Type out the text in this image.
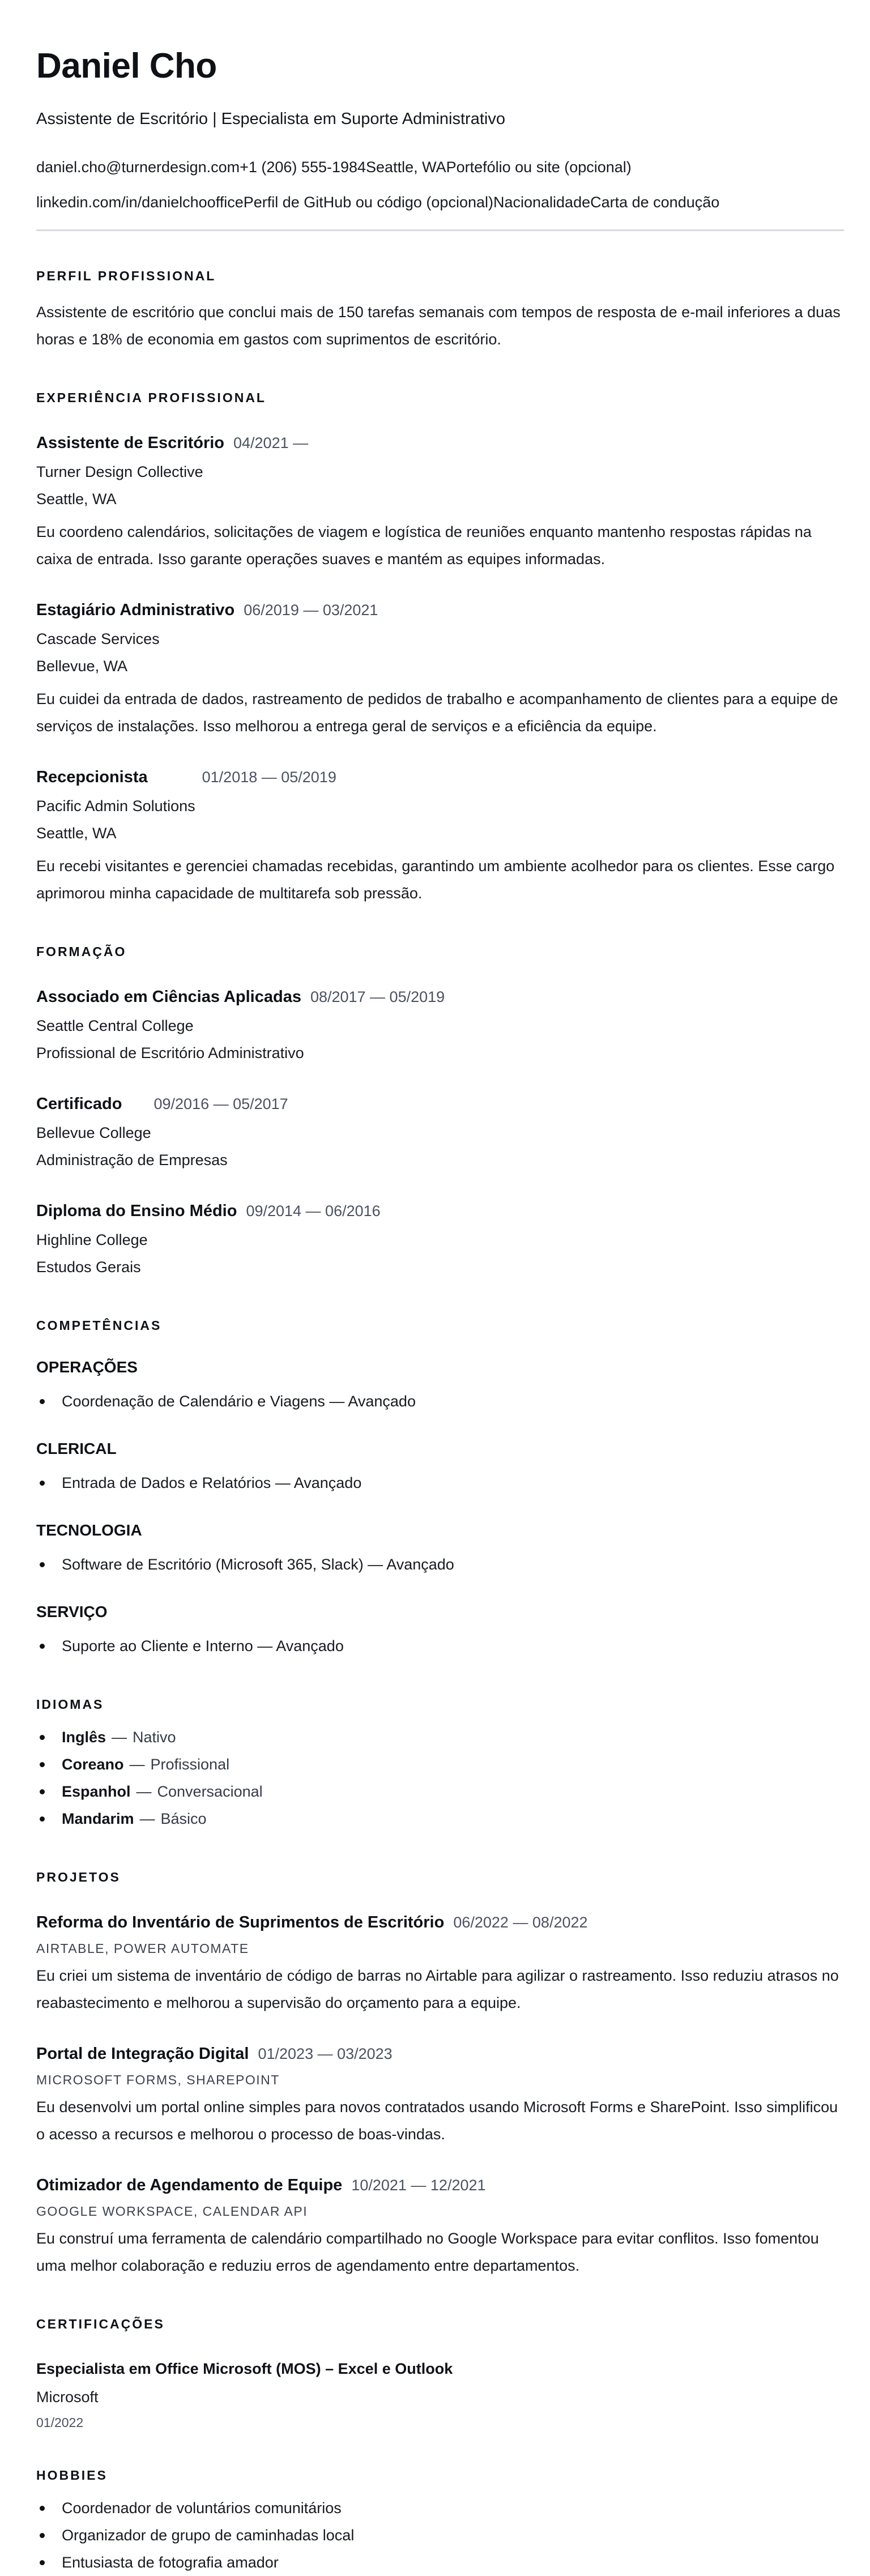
Daniel Cho
Assistente de Escritório | Especialista em Suporte Administrativo
daniel.cho@turnerdesign.com+1 (206) 555-1984Seattle, WAPortefólio ou site (opcional)
linkedin.com/in/danielchoofficePerfil de GitHub ou código (opcional)NacionalidadeCarta de condução
PERFIL PROFISSIONAL

Assistente de escritório que conclui mais de 150 tarefas semanais com tempos de resposta de e-mail inferiores a duas horas e 18% de economia em gastos com suprimentos de escritório.

EXPERIÊNCIA PROFISSIONAL
Assistente de Escritório 04/2021 —
Turner Design Collective
Seattle, WA

Eu coordeno calendários, solicitações de viagem e logística de reuniões enquanto mantenho respostas rápidas na caixa de entrada. Isso garante operações suaves e mantém as equipes informadas.

Estagiário Administrativo 06/2019 — 03/2021
Cascade Services
Bellevue, WA

Eu cuidei da entrada de dados, rastreamento de pedidos de trabalho e acompanhamento de clientes para a equipe de serviços de instalações. Isso melhorou a entrega geral de serviços e a eficiência da equipe.

Recepcionista	01/2018 — 05/2019
Pacific Admin Solutions
Seattle, WA

Eu recebi visitantes e gerenciei chamadas recebidas, garantindo um ambiente acolhedor para os clientes. Esse cargo aprimorou minha capacidade de multitarefa sob pressão.

FORMAÇÃO
Associado em Ciências Aplicadas 08/2017 — 05/2019
Seattle Central College
Profissional de Escritório Administrativo
Certificado 09/2016 — 05/2017
Bellevue College
Administração de Empresas
Diploma do Ensino Médio 09/2014 — 06/2016
Highline College
Estudos Gerais
COMPETÊNCIAS
OPERAÇÕES
Coordenação de Calendário e Viagens — Avançado
CLERICAL
Entrada de Dados e Relatórios — Avançado
TECNOLOGIA
Software de Escritório (Microsoft 365, Slack) — Avançado
SERVIÇO
Suporte ao Cliente e Interno — Avançado
IDIOMAS
Inglês — Nativo
Coreano — Profissional
Espanhol — Conversacional
Mandarim — Básico
PROJETOS
Reforma do Inventário de Suprimentos de Escritório 06/2022 — 08/2022
AIRTABLE, POWER AUTOMATE

Eu criei um sistema de inventário de código de barras no Airtable para agilizar o rastreamento. Isso reduziu atrasos no reabastecimento e melhorou a supervisão do orçamento para a equipe.

Portal de Integração Digital 01/2023 — 03/2023
MICROSOFT FORMS, SHAREPOINT

Eu desenvolvi um portal online simples para novos contratados usando Microsoft Forms e SharePoint. Isso simplificou o acesso a recursos e melhorou o processo de boas-vindas.

Otimizador de Agendamento de Equipe 10/2021 — 12/2021
GOOGLE WORKSPACE, CALENDAR API

Eu construí uma ferramenta de calendário compartilhado no Google Workspace para evitar conflitos. Isso fomentou uma melhor colaboração e reduziu erros de agendamento entre departamentos.

CERTIFICAÇÕES
Especialista em Office Microsoft (MOS) – Excel e Outlook
Microsoft
01/2022
HOBBIES
Coordenador de voluntários comunitários
Organizador de grupo de caminhadas local
Entusiasta de fotografia amador
